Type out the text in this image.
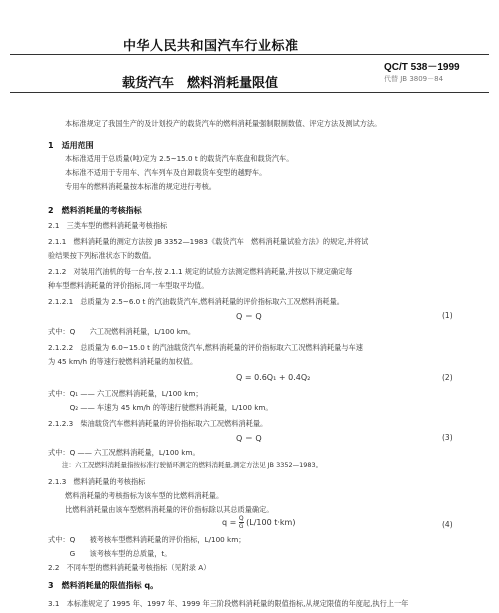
中华人民共和国汽车行业标准
QC/T 538－1999
载货汽车　燃料消耗量限值	代替 JB 3809－84
本标准规定了我国生产的及计划投产的载货汽车的燃料消耗量强制限制数值、评定方法及测试方法。
1　适用范围
本标准适用于总质量(吨)定为 2.5~15.0 t 的载货汽车底盘和载货汽车。
本标准不适用于专用车、汽车列车及自卸载货车变型的越野车。
专用车的燃料消耗量按本标准的规定进行考核。
2　燃料消耗量的考核指标
2.1　三类车型的燃料消耗量考核指标
2.1.1　燃料消耗量的测定方法按 JB 3352—1983《载货汽车　燃料消耗量试验方法》的规定,并将试
验结果按下列标准状态下的数值。
2.1.2　对装用汽油机的每一台车,按 2.1.1 规定的试验方法测定燃料消耗量,并按以下规定确定每
种车型燃料消耗量的评价指标,同一车型取平均值。
2.1.2.1　总质量为 2.5~6.0 t 的汽油载货汽车,燃料消耗量的评价指标取六工况燃料消耗量。
Q ＝ Q	(1)
式中：Q　　六工况燃料消耗量，L/100 km。
2.1.2.2　总质量为 6.0~15.0 t 的汽油载货汽车,燃料消耗量的评价指标取六工况燃料消耗量与车速
为 45 km/h 的等速行驶燃料消耗量的加权值。
Q = 0.6Q₁ + 0.4Q₂	(2)
式中：Q₁ —— 六工况燃料消耗量，L/100 km；
　　　Q₂ —— 车速为 45 km/h 的等速行驶燃料消耗量，L/100 km。
2.1.2.3　柴油载货汽车燃料消耗量的评价指标取六工况燃料消耗量。
Q ＝ Q	(3)
式中：Q —— 六工况燃料消耗量，L/100 km。
注：六工况燃料消耗量指按标准行驶循环测定的燃料消耗量,测定方法见 JB 3352—1983。
2.1.3　燃料消耗量的考核指标
燃料消耗量的考核指标为该车型的比燃料消耗量。
比燃料消耗量由该车型燃料消耗量的评价指标除以其总质量确定。
$q = \frac{Q}{G} (L/100$ t·km)	(4)
式中：Q　　被考核车型燃料消耗量的评价指标，L/100 km；
　　　G　　该考核车型的总质量，t。
2.2　不同车型的燃料消耗量考核指标（见附录 A）
3　燃料消耗量的限值指标 q。
3.1　本标准规定了 1995 年、1997 年、1999 年三阶段燃料消耗量的限值指标,从规定限值的年度起,执行上一年
